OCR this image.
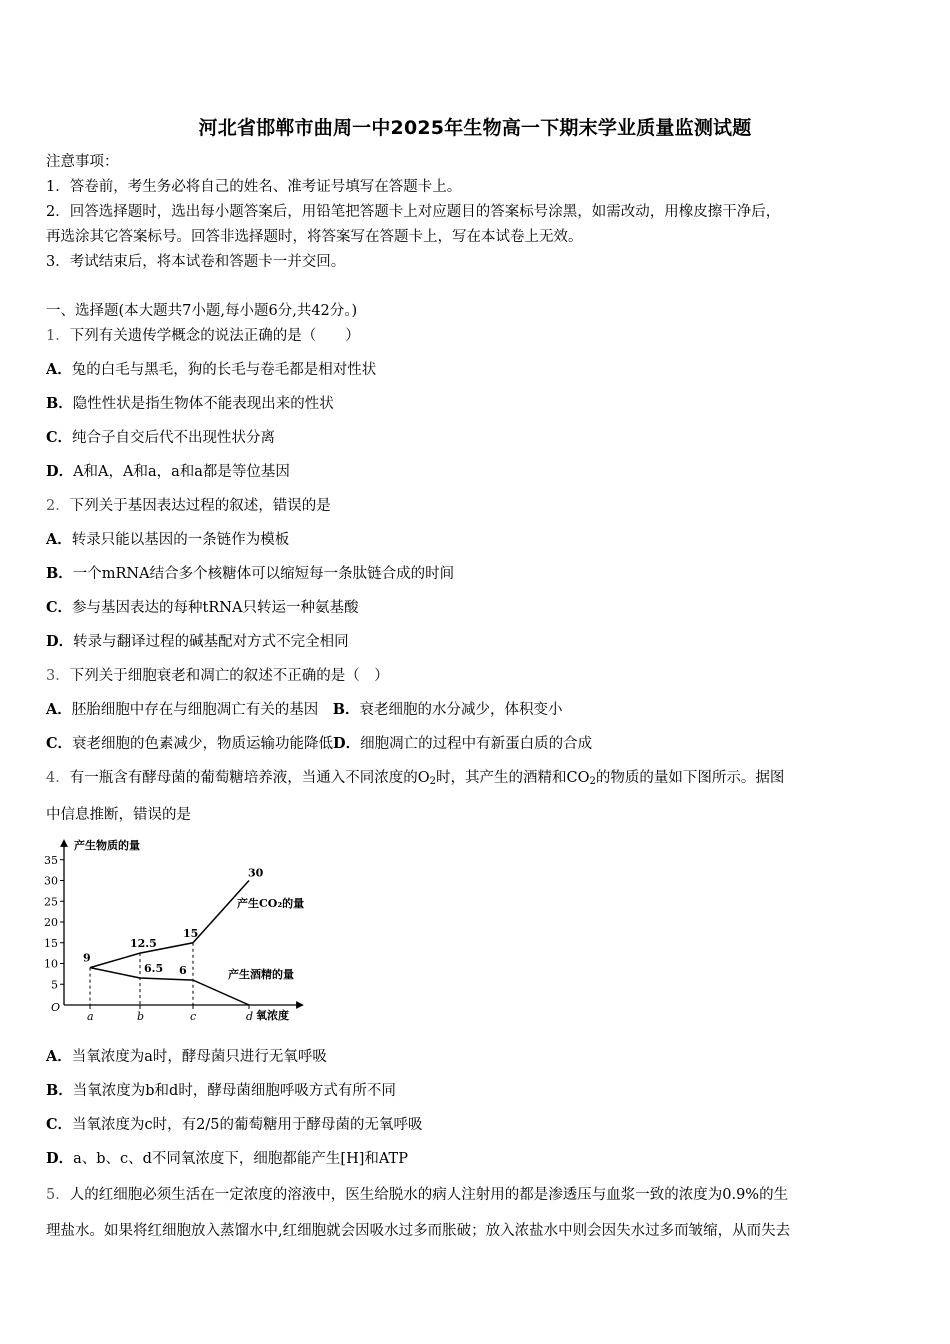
河北省邯郸市曲周一中2025年生物高一下期末学业质量监测试题
注意事项：
1．答卷前，考生务必将自己的姓名、准考证号填写在答题卡上。
2．回答选择题时，选出每小题答案后，用铅笔把答题卡上对应题目的答案标号涂黑，如需改动，用橡皮擦干净后，
再选涂其它答案标号。回答非选择题时，将答案写在答题卡上，写在本试卷上无效。
3．考试结束后，将本试卷和答题卡一并交回。
一、选择题(本大题共7小题,每小题6分,共42分。)
1．下列有关遗传学概念的说法正确的是（　　）
A．兔的白毛与黑毛，狗的长毛与卷毛都是相对性状
B．隐性性状是指生物体不能表现出来的性状
C．纯合子自交后代不出现性状分离
D．A和A，A和a，a和a都是等位基因
2．下列关于基因表达过程的叙述，错误的是
A．转录只能以基因的一条链作为模板
B．一个mRNA结合多个核糖体可以缩短每一条肽链合成的时间
C．参与基因表达的每种tRNA只转运一种氨基酸
D．转录与翻译过程的碱基配对方式不完全相同
3．下列关于细胞衰老和凋亡的叙述不正确的是（　）
A．胚胎细胞中存在与细胞凋亡有关的基因　B．衰老细胞的水分减少，体积变小
C．衰老细胞的色素减少，物质运输功能降低D．细胞凋亡的过程中有新蛋白质的合成
4．有一瓶含有酵母菌的葡萄糖培养液，当通入不同浓度的$O_2$时，其产生的酒精和$CO_2$的物质的量如下图所示。据图
中信息推断，错误的是
产生物质的量
氧浓度
O
5
10
15
20
25
30
35
a	b	c	d
9
12.5
15
30
6.5 6
产生CO₂的量
产生酒精的量
A．当氧浓度为a时，酵母菌只进行无氧呼吸
B．当氧浓度为b和d时，酵母菌细胞呼吸方式有所不同
C．当氧浓度为c时，有2/5的葡萄糖用于酵母菌的无氧呼吸
D．a、b、c、d不同氧浓度下，细胞都能产生[H]和ATP
5．人的红细胞必须生活在一定浓度的溶液中，医生给脱水的病人注射用的都是渗透压与血浆一致的浓度为0.9%的生
理盐水。如果将红细胞放入蒸馏水中,红细胞就会因吸水过多而胀破；放入浓盐水中则会因失水过多而皱缩，从而失去
